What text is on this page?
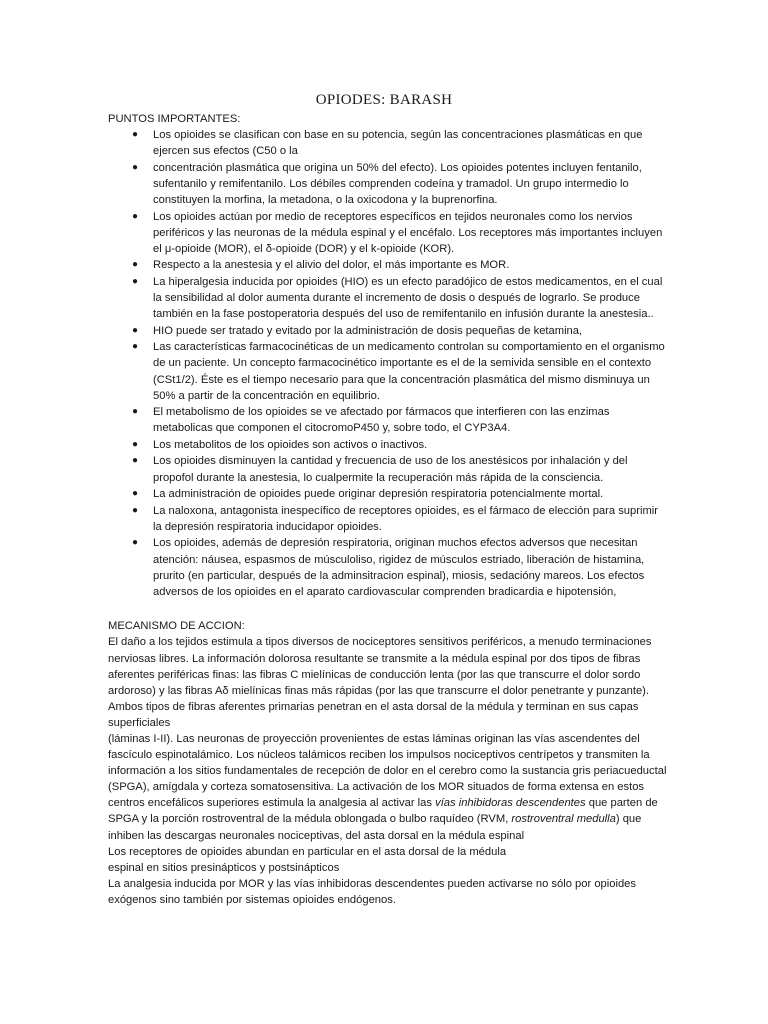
OPIODES: BARASH

PUNTOS IMPORTANTES:

● Los opioides se clasifican con base en su potencia, según las concentraciones plasmáticas en que ejercen sus efectos (C50 o la
● concentración plasmática que origina un 50% del efecto). Los opioides potentes incluyen fentanilo, sufentanilo y remifentanilo. Los débiles comprenden codeína y tramadol. Un grupo intermedio lo constituyen la morfina, la metadona, o la oxicodona y la buprenorfina.
● Los opioides actúan por medio de receptores específicos en tejidos neuronales como los nervios periféricos y las neuronas de la médula espinal y el encéfalo. Los receptores más importantes incluyen el μ-opioide (MOR), el δ-opioide (DOR) y el k-opioide (KOR).
● Respecto a la anestesia y el alivio del dolor, el más importante es MOR.
● La hiperalgesia inducida por opioides (HIO) es un efecto paradójico de estos medicamentos, en el cual la sensibilidad al dolor aumenta durante el incremento de dosis o después de lograrlo. Se produce también en la fase postoperatoria después del uso de remifentanilo en infusión durante la anestesia..
● HIO puede ser tratado y evitado por la administración de dosis pequeñas de ketamina,
● Las características farmacocinéticas de un medicamento controlan su comportamiento en el organismo de un paciente. Un concepto farmacocinético importante es el de la semivida sensible en el contexto (CSt1/2). Éste es el tiempo necesario para que la concentración plasmática del mismo disminuya un 50% a partir de la concentración en equilibrio.
● El metabolismo de los opioides se ve afectado por fármacos que interfieren con las enzimas metabolicas que componen el citocromoP450 y, sobre todo, el CYP3A4.
● Los metabolitos de los opioides son activos o inactivos.
● Los opioides disminuyen la cantidad y frecuencia de uso de los anestésicos por inhalación y del propofol durante la anestesia, lo cualpermite la recuperación más rápida de la consciencia.
● La administración de opioides puede originar depresión respiratoria potencialmente mortal.
● La naloxona, antagonista inespecífico de receptores opioides, es el fármaco de elección para suprimir la depresión respiratoria inducidapor opioides.
● Los opioides, además de depresión respiratoria, originan muchos efectos adversos que necesitan atención: náusea, espasmos de músculoliso, rigidez de músculos estriado, liberación de histamina, prurito (en particular, después de la adminsitracion espinal), miosis, sedacióny mareos. Los efectos adversos de los opioides en el aparato cardiovascular comprenden bradicardia e hipotensión,

MECANISMO DE ACCION:

El daño a los tejidos estimula a tipos diversos de nociceptores sensitivos periféricos, a menudo terminaciones nerviosas libres. La información dolorosa resultante se transmite a la médula espinal por dos tipos de fibras aferentes periféricas finas: las fibras C mielínicas de conducción lenta (por las que transcurre el dolor sordo ardoroso) y las fibras Aδ mielínicas finas más rápidas (por las que transcurre el dolor penetrante y punzante). Ambos tipos de fibras aferentes primarias penetran en el asta dorsal de la médula y terminan en sus capas superficiales

(láminas I-II). Las neuronas de proyección provenientes de estas láminas originan las vías ascendentes del fascículo espinotalámico. Los núcleos talámicos reciben los impulsos nociceptivos centrípetos y transmiten la información a los sitios fundamentales de recepción de dolor en el cerebro como la sustancia gris periacueductal (SPGA), amígdala y corteza somatosensitiva. La activación de los MOR situados de forma extensa en estos centros encefálicos superiores estimula la analgesia al activar las vías inhibidoras descendentes que parten de SPGA y la porción rostroventral de la médula oblongada o bulbo raquídeo (RVM, rostroventral medulla) que inhiben las descargas neuronales nociceptivas, del asta dorsal en la médula espinal

Los receptores de opioides abundan en particular en el asta dorsal de la médula

espinal en sitios presinápticos y postsinápticos

La analgesia inducida por MOR y las vías inhibidoras descendentes pueden activarse no sólo por opioides exógenos sino también por sistemas opioides endógenos.
